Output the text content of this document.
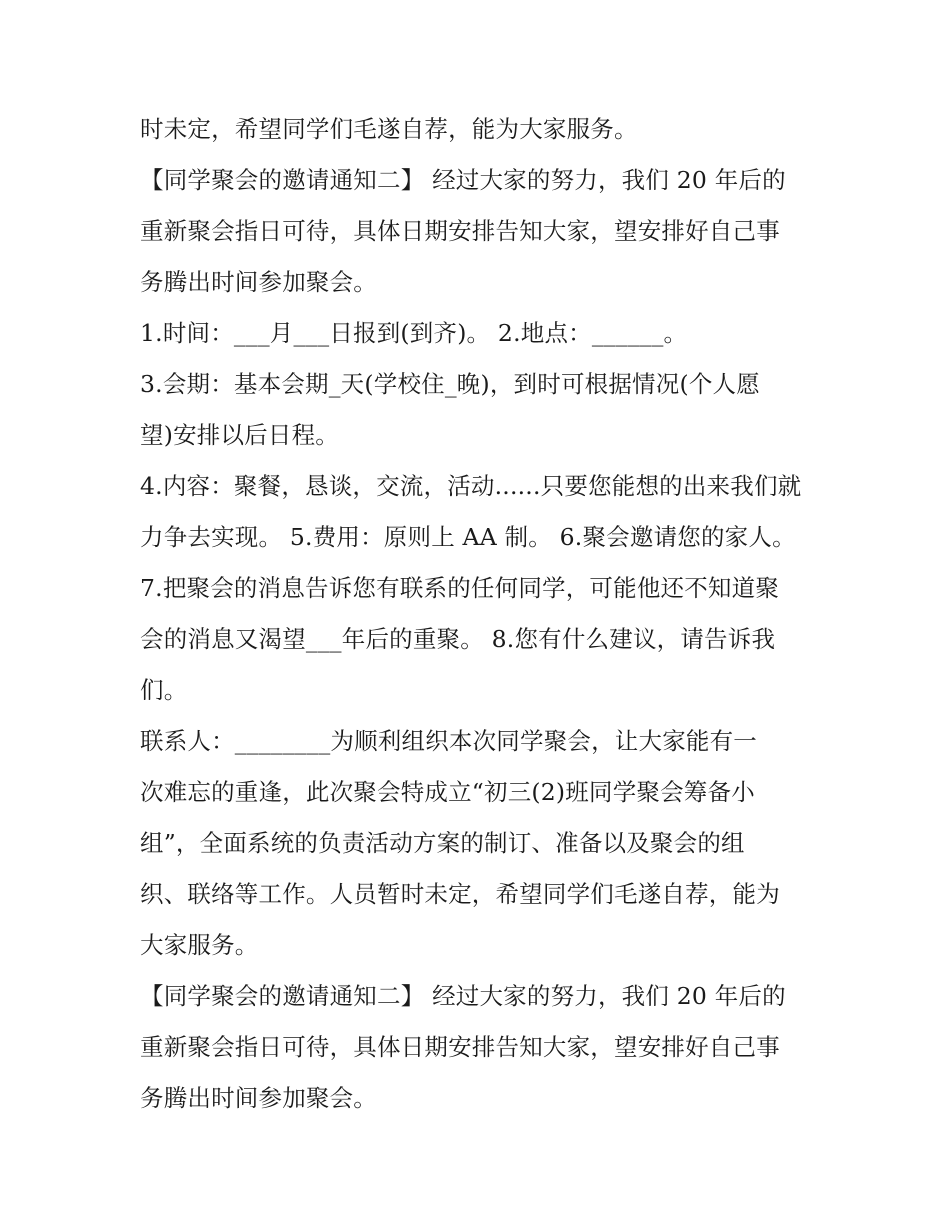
时未定，希望同学们毛遂自荐，能为大家服务。
【同学聚会的邀请通知二】 经过大家的努力，我们 20 年后的
重新聚会指日可待，具体日期安排告知大家，望安排好自己事
务腾出时间参加聚会。
1.时间：___月___日报到(到齐)。 2.地点：______。
3.会期：基本会期_天(学校住_晚)，到时可根据情况(个人愿
望)安排以后日程。
4.内容：聚餐，恳谈，交流，活动......只要您能想的出来我们就
力争去实现。 5.费用：原则上 AA 制。 6.聚会邀请您的家人。
7.把聚会的消息告诉您有联系的任何同学，可能他还不知道聚
会的消息又渴望___年后的重聚。 8.您有什么建议，请告诉我
们。
联系人：________为顺利组织本次同学聚会，让大家能有一
次难忘的重逢，此次聚会特成立“初三(2)班同学聚会筹备小
组”，全面系统的负责活动方案的制订、准备以及聚会的组
织、联络等工作。人员暂时未定，希望同学们毛遂自荐，能为
大家服务。
【同学聚会的邀请通知二】 经过大家的努力，我们 20 年后的
重新聚会指日可待，具体日期安排告知大家，望安排好自己事
务腾出时间参加聚会。
